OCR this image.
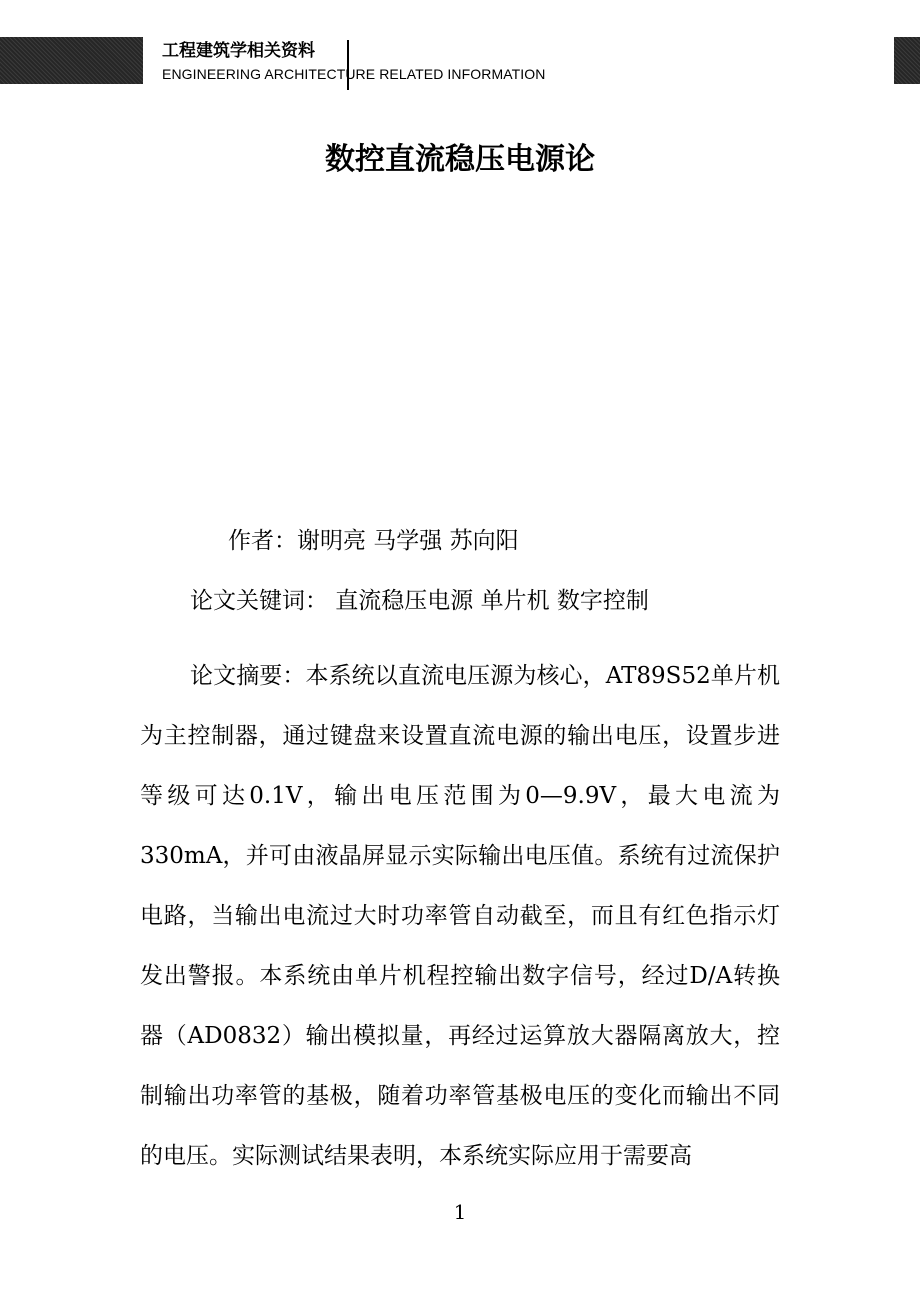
工程建筑学相关资料
ENGINEERING ARCHITECTURE RELATED INFORMATION
数控直流稳压电源论
作者：谢明亮 马学强 苏向阳
论文关键词： 直流稳压电源 单片机 数字控制
论文摘要：本系统以直流电压源为核心，AT89S52单片机为主控制器，通过键盘来设置直流电源的输出电压，设置步进等级可达0.1V，输出电压范围为0—9.9V，最大电流为330mA，并可由液晶屏显示实际输出电压值。系统有过流保护电路，当输出电流过大时功率管自动截至，而且有红色指示灯发出警报。本系统由单片机程控输出数字信号，经过D/A转换器（AD0832）输出模拟量，再经过运算放大器隔离放大，控制输出功率管的基极，随着功率管基极电压的变化而输出不同的电压。实际测试结果表明，本系统实际应用于需要高
1
